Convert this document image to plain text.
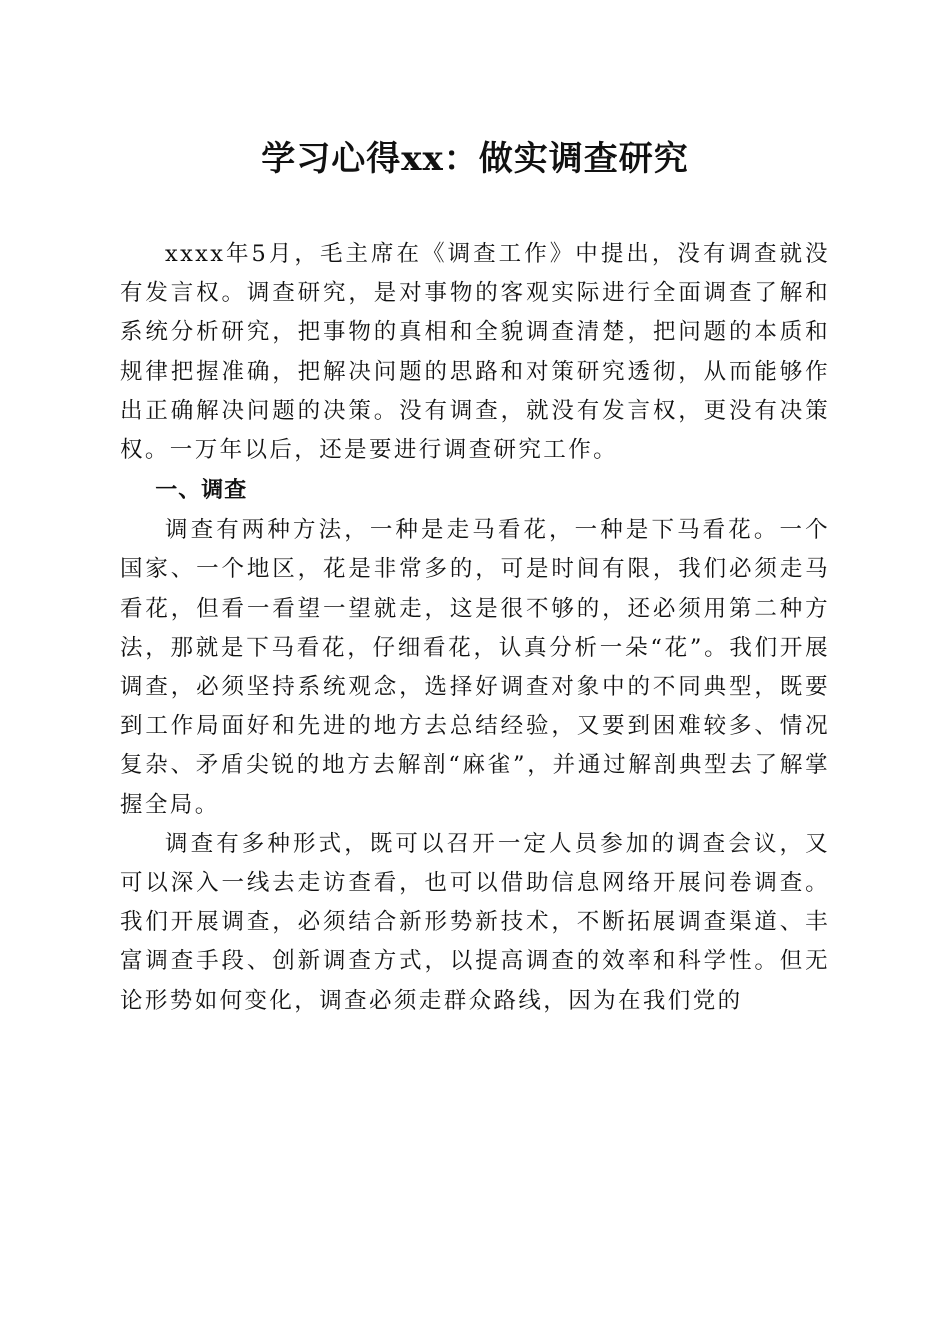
学习心得xx：做实调查研究

xxxx年5月，毛主席在《调查工作》中提出，没有调查就没有发言权。调查研究，是对事物的客观实际进行全面调查了解和系统分析研究，把事物的真相和全貌调查清楚，把问题的本质和规律把握准确，把解决问题的思路和对策研究透彻，从而能够作出正确解决问题的决策。没有调查，就没有发言权，更没有决策权。一万年以后，还是要进行调查研究工作。

一、调查

调查有两种方法，一种是走马看花，一种是下马看花。一个国家、一个地区，花是非常多的，可是时间有限，我们必须走马看花，但看一看望一望就走，这是很不够的，还必须用第二种方法，那就是下马看花，仔细看花，认真分析一朵“花”。我们开展调查，必须坚持系统观念，选择好调查对象中的不同典型，既要到工作局面好和先进的地方去总结经验，又要到困难较多、情况复杂、矛盾尖锐的地方去解剖“麻雀”，并通过解剖典型去了解掌握全局。

调查有多种形式，既可以召开一定人员参加的调查会议，又可以深入一线去走访查看，也可以借助信息网络开展问卷调查。我们开展调查，必须结合新形势新技术，不断拓展调查渠道、丰富调查手段、创新调查方式，以提高调查的效率和科学性。但无论形势如何变化，调查必须走群众路线，因为在我们党的
